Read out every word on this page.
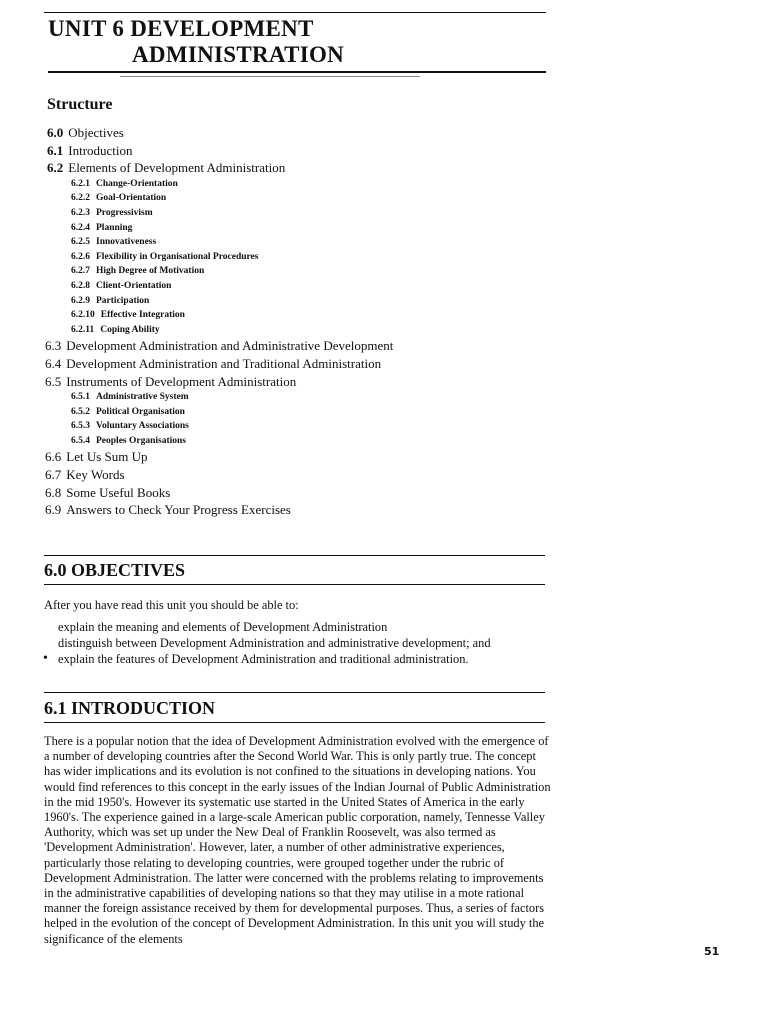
UNIT 6 DEVELOPMENT
ADMINISTRATION
Structure
6.0 Objectives
6.1 Introduction
6.2 Elements of Development Administration
6.2.1 Change-Orientation
6.2.2 Goal-Orientation
6.2.3 Progressivism
6.2.4 Planning
6.2.5 Innovativeness
6.2.6 Flexibility in Organisational Procedures
6.2.7 High Degree of Motivation
6.2.8 Client-Orientation
6.2.9 Participation
6.2.10 Effective Integration
6.2.11 Coping Ability
6.3 Development Administration and Administrative Development
6.4 Development Administration and Traditional Administration
6.5 Instruments of Development Administration
6.5.1 Administrative System
6.5.2 Political Organisation
6.5.3 Voluntary Associations
6.5.4 Peoples Organisations
6.6 Let Us Sum Up
6.7 Key Words
6.8 Some Useful Books
6.9 Answers to Check Your Progress Exercises
6.0 OBJECTIVES
After you have read this unit you should be able to:
explain the meaning and elements of Development Administration
distinguish between Development Administration and administrative development; and
• explain the features of Development Administration and traditional administration.
6.1 INTRODUCTION
There is a popular notion that the idea of Development Administration evolved with the emergence of a number of developing countries after the Second World War. This is only partly true. The concept has wider implications and its evolution is not confined to the situations in developing nations. You would find references to this concept in the early issues of the Indian Journal of Public Administration in the mid 1950's. However its systematic use started in the United States of America in the early 1960's. The experience gained in a large-scale American public corporation, namely, Tennesse Valley Authority, which was set up under the New Deal of Franklin Roosevelt, was also termed as 'Development Administration'. However, later, a number of other administrative experiences, particularly those relating to developing countries, were grouped together under the rubric of Development Administration. The latter were concerned with the problems relating to improvements in the administrative capabilities of developing nations so that they may utilise in a mote rational manner the foreign assistance received by them for developmental purposes. Thus, a series of factors helped in the evolution of the concept of Development Administration. In this unit you will study the significance of the elements
51
